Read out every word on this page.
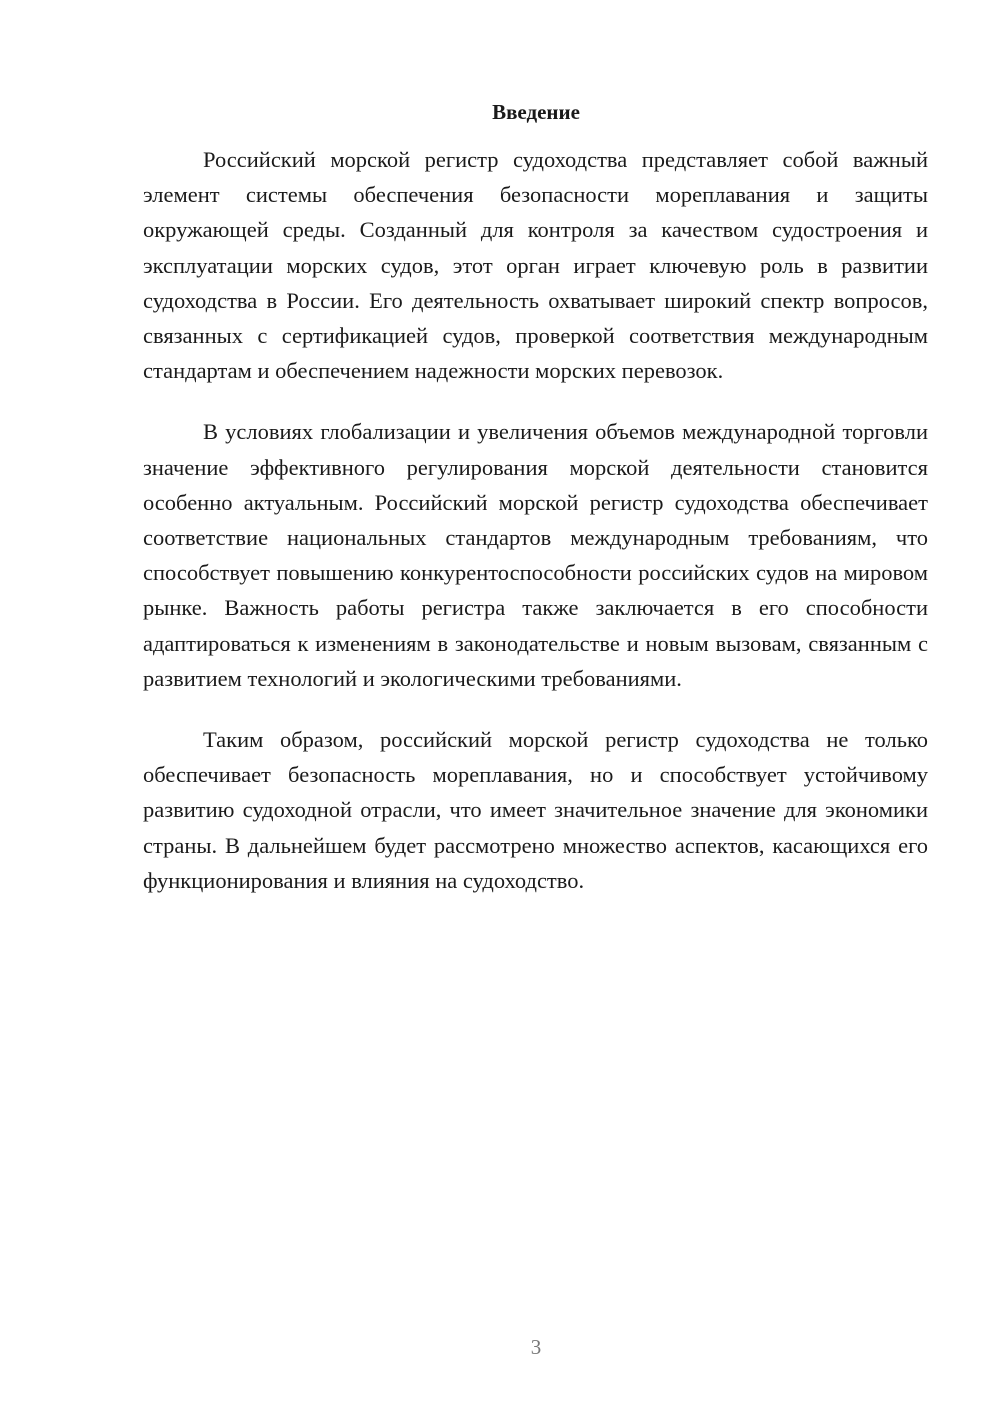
Введение

Российский морской регистр судоходства представляет собой важный элемент системы обеспечения безопасности мореплавания и защиты окружающей среды. Созданный для контроля за качеством судостроения и эксплуатации морских судов, этот орган играет ключевую роль в развитии судоходства в России. Его деятельность охватывает широкий спектр вопросов, связанных с сертификацией судов, проверкой соответствия международным стандартам и обеспечением надежности морских перевозок.

В условиях глобализации и увеличения объемов международной торговли значение эффективного регулирования морской деятельности становится особенно актуальным. Российский морской регистр судоходства обеспечивает соответствие национальных стандартов международным требованиям, что способствует повышению конкурентоспособности российских судов на мировом рынке. Важность работы регистра также заключается в его способности адаптироваться к изменениям в законодательстве и новым вызовам, связанным с развитием технологий и экологическими требованиями.

Таким образом, российский морской регистр судоходства не только обеспечивает безопасность мореплавания, но и способствует устойчивому развитию судоходной отрасли, что имеет значительное значение для экономики страны. В дальнейшем будет рассмотрено множество аспектов, касающихся его функционирования и влияния на судоходство.

3
